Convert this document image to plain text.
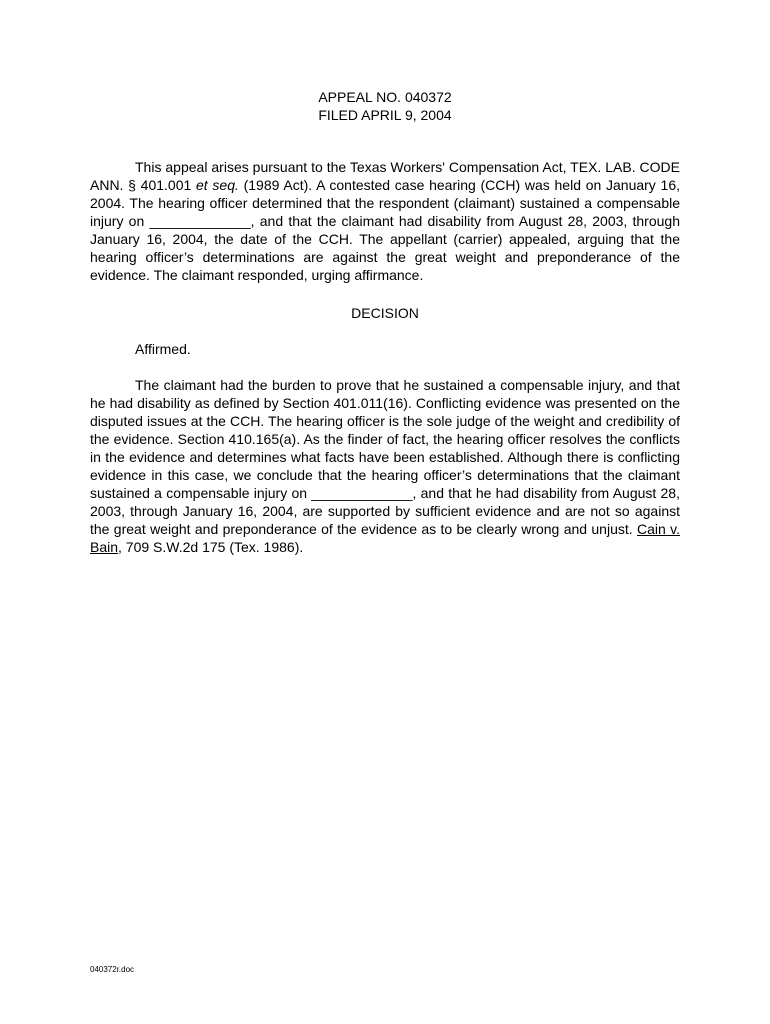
APPEAL NO. 040372
FILED APRIL 9, 2004

This appeal arises pursuant to the Texas Workers' Compensation Act, TEX. LAB. CODE ANN. § 401.001 et seq. (1989 Act). A contested case hearing (CCH) was held on January 16, 2004. The hearing officer determined that the respondent (claimant) sustained a compensable injury on _____________, and that the claimant had disability from August 28, 2003, through January 16, 2004, the date of the CCH. The appellant (carrier) appealed, arguing that the hearing officer’s determinations are against the great weight and preponderance of the evidence. The claimant responded, urging affirmance.

DECISION

Affirmed.

The claimant had the burden to prove that he sustained a compensable injury, and that he had disability as defined by Section 401.011(16). Conflicting evidence was presented on the disputed issues at the CCH. The hearing officer is the sole judge of the weight and credibility of the evidence. Section 410.165(a). As the finder of fact, the hearing officer resolves the conflicts in the evidence and determines what facts have been established. Although there is conflicting evidence in this case, we conclude that the hearing officer’s determinations that the claimant sustained a compensable injury on _____________, and that he had disability from August 28, 2003, through January 16, 2004, are supported by sufficient evidence and are not so against the great weight and preponderance of the evidence as to be clearly wrong and unjust. Cain v. Bain, 709 S.W.2d 175 (Tex. 1986).

040372r.doc
